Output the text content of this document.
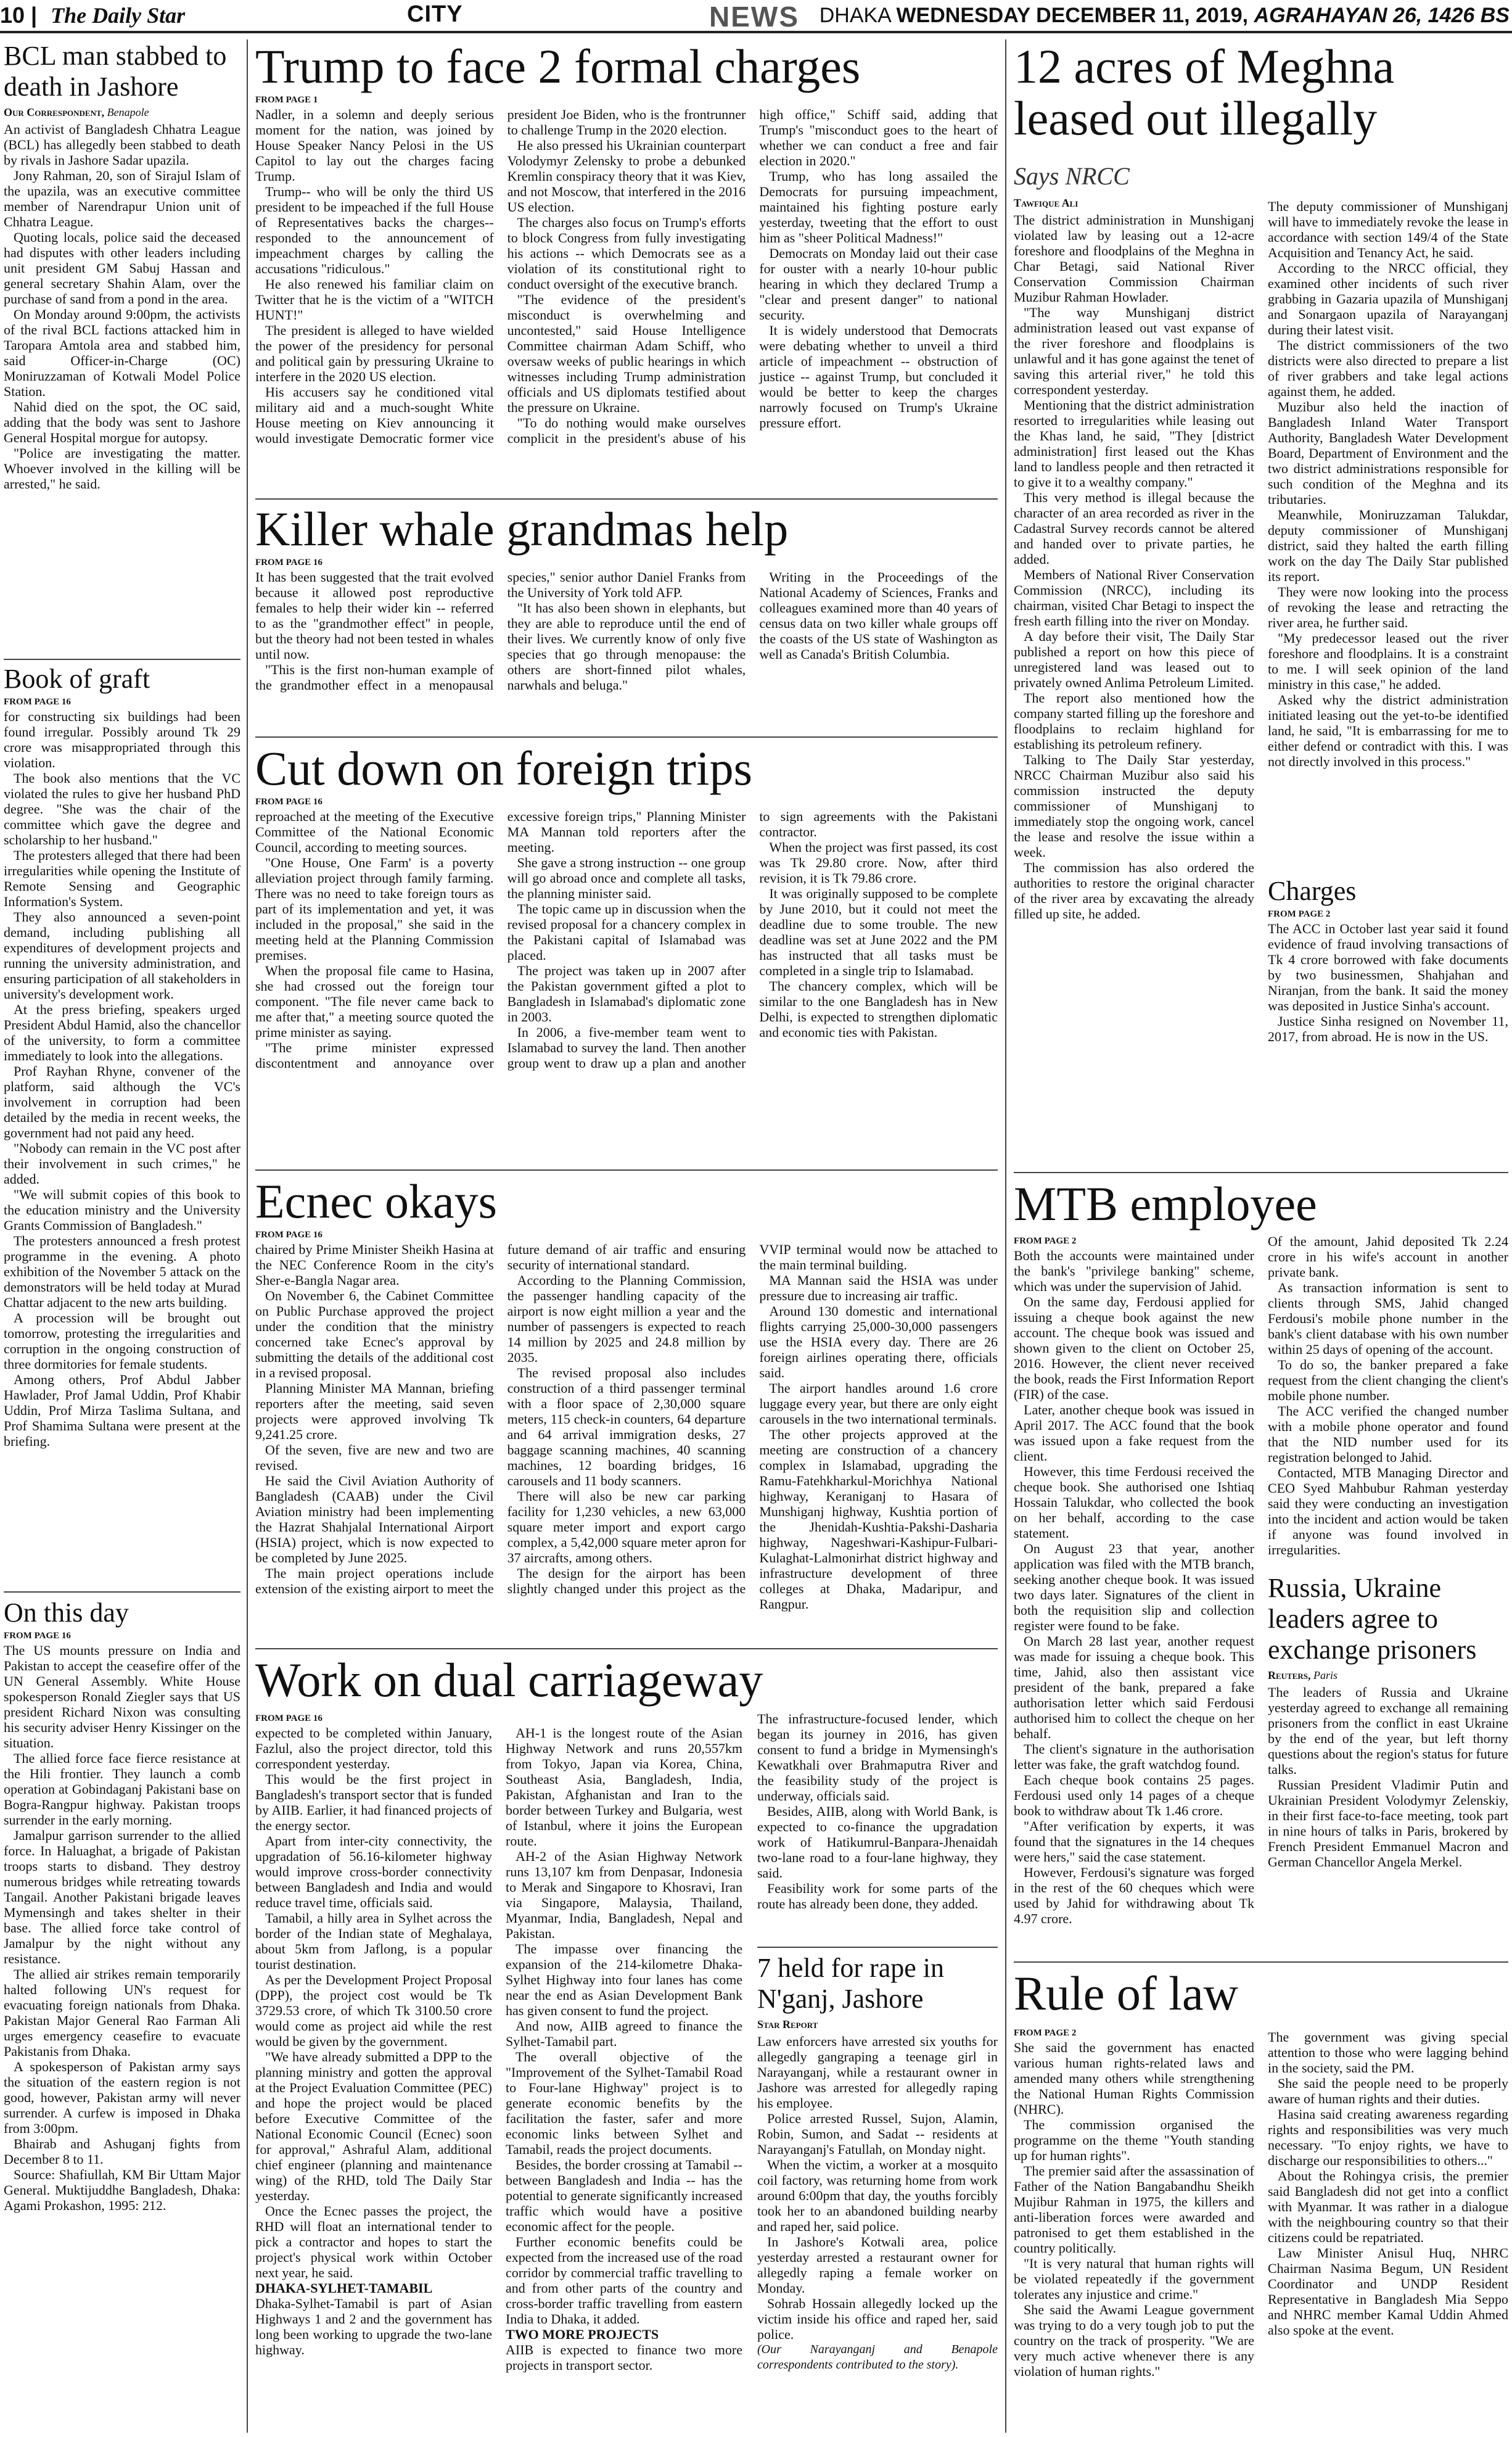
10 | The Daily Star	CITY	NEWS DHAKA WEDNESDAY DECEMBER 11, 2019, AGRAHAYAN 26, 1426 BS
BCL man stabbed to death in Jashore
Our Correspondent, Benapole

An activist of Bangladesh Chhatra League (BCL) has allegedly been stabbed to death by rivals in Jashore Sadar upazila.

Jony Rahman, 20, son of Sirajul Islam of the upazila, was an executive committee member of Narendrapur Union unit of Chhatra League.

Quoting locals, police said the deceased had disputes with other leaders including unit president GM Sabuj Hassan and general secretary Shahin Alam, over the purchase of sand from a pond in the area.

On Monday around 9:00pm, the activists of the rival BCL factions attacked him in Taropara Amtola area and stabbed him, said Officer-in-Charge (OC) Moniruzzaman of Kotwali Model Police Station.

Nahid died on the spot, the OC said, adding that the body was sent to Jashore General Hospital morgue for autopsy.

"Police are investigating the matter. Whoever involved in the killing will be arrested," he said.

Book of graft
FROM PAGE 16

for constructing six buildings had been found irregular. Possibly around Tk 29 crore was misappropriated through this violation.

The book also mentions that the VC violated the rules to give her husband PhD degree. "She was the chair of the committee which gave the degree and scholarship to her husband."

The protesters alleged that there had been irregularities while opening the Institute of Remote Sensing and Geographic Information's System.

They also announced a seven-point demand, including publishing all expenditures of development projects and running the university administration, and ensuring participation of all stakeholders in university's development work.

At the press briefing, speakers urged President Abdul Hamid, also the chancellor of the university, to form a committee immediately to look into the allegations.

Prof Rayhan Rhyne, convener of the platform, said although the VC's involvement in corruption had been detailed by the media in recent weeks, the government had not paid any heed.

"Nobody can remain in the VC post after their involvement in such crimes," he added.

"We will submit copies of this book to the education ministry and the University Grants Commission of Bangladesh."

The protesters announced a fresh protest programme in the evening. A photo exhibition of the November 5 attack on the demonstrators will be held today at Murad Chattar adjacent to the new arts building.

A procession will be brought out tomorrow, protesting the irregularities and corruption in the ongoing construction of three dormitories for female students.

Among others, Prof Abdul Jabber Hawlader, Prof Jamal Uddin, Prof Khabir Uddin, Prof Mirza Taslima Sultana, and Prof Shamima Sultana were present at the briefing.

On this day
FROM PAGE 16

The US mounts pressure on India and Pakistan to accept the ceasefire offer of the UN General Assembly. White House spokesperson Ronald Ziegler says that US president Richard Nixon was consulting his security adviser Henry Kissinger on the situation.

The allied force face fierce resistance at the Hili frontier. They launch a comb operation at Gobindaganj Pakistani base on Bogra-Rangpur highway. Pakistan troops surrender in the early morning.

Jamalpur garrison surrender to the allied force. In Haluaghat, a brigade of Pakistan troops starts to disband. They destroy numerous bridges while retreating towards Tangail. Another Pakistani brigade leaves Mymensingh and takes shelter in their base. The allied force take control of Jamalpur by the night without any resistance.

The allied air strikes remain temporarily halted following UN's request for evacuating foreign nationals from Dhaka. Pakistan Major General Rao Farman Ali urges emergency ceasefire to evacuate Pakistanis from Dhaka.

A spokesperson of Pakistan army says the situation of the eastern region is not good, however, Pakistan army will never surrender. A curfew is imposed in Dhaka from 3:00pm.

Bhairab and Ashuganj fights from December 8 to 11.

Source: Shafiullah, KM Bir Uttam Major General. Muktijuddhe Bangladesh, Dhaka: Agami Prokashon, 1995: 212.

Trump to face 2 formal charges
FROM PAGE 1

Nadler, in a solemn and deeply serious moment for the nation, was joined by House Speaker Nancy Pelosi in the US Capitol to lay out the charges facing Trump.

Trump-- who will be only the third US president to be impeached if the full House of Representatives backs the charges--responded to the announcement of impeachment charges by calling the accusations "ridiculous."

He also renewed his familiar claim on Twitter that he is the victim of a "WITCH HUNT!"

The president is alleged to have wielded the power of the presidency for personal and political gain by pressuring Ukraine to interfere in the 2020 US election.

His accusers say he conditioned vital military aid and a much-sought White House meeting on Kiev announcing it would investigate Democratic former vice president Joe Biden, who is the frontrunner to challenge Trump in the 2020 election.

He also pressed his Ukrainian counterpart Volodymyr Zelensky to probe a debunked Kremlin conspiracy theory that it was Kiev, and not Moscow, that interfered in the 2016 US election.

The charges also focus on Trump's efforts to block Congress from fully investigating his actions -- which Democrats see as a violation of its constitutional right to conduct oversight of the executive branch.

"The evidence of the president's misconduct is overwhelming and uncontested," said House Intelligence Committee chairman Adam Schiff, who oversaw weeks of public hearings in which witnesses including Trump administration officials and US diplomats testified about the pressure on Ukraine.

"To do nothing would make ourselves complicit in the president's abuse of his high office," Schiff said, adding that Trump's "misconduct goes to the heart of whether we can conduct a free and fair election in 2020."

Trump, who has long assailed the Democrats for pursuing impeachment, maintained his fighting posture early yesterday, tweeting that the effort to oust him as "sheer Political Madness!"

Democrats on Monday laid out their case for ouster with a nearly 10-hour public hearing in which they declared Trump a "clear and present danger" to national security.

It is widely understood that Democrats were debating whether to unveil a third article of impeachment -- obstruction of justice -- against Trump, but concluded it would be better to keep the charges narrowly focused on Trump's Ukraine pressure effort.

Killer whale grandmas help
FROM PAGE 16

It has been suggested that the trait evolved because it allowed post reproductive females to help their wider kin -- referred to as the "grandmother effect" in people, but the theory had not been tested in whales until now.

"This is the first non-human example of the grandmother effect in a menopausal species," senior author Daniel Franks from the University of York told AFP.

"It has also been shown in elephants, but they are able to reproduce until the end of their lives. We currently know of only five species that go through menopause: the others are short-finned pilot whales, narwhals and beluga."

Writing in the Proceedings of the National Academy of Sciences, Franks and colleagues examined more than 40 years of census data on two killer whale groups off the coasts of the US state of Washington as well as Canada's British Columbia.

Cut down on foreign trips
FROM PAGE 16

reproached at the meeting of the Executive Committee of the National Economic Council, according to meeting sources.

"One House, One Farm' is a poverty alleviation project through family farming. There was no need to take foreign tours as part of its implementation and yet, it was included in the proposal," she said in the meeting held at the Planning Commission premises.

When the proposal file came to Hasina, she had crossed out the foreign tour component. "The file never came back to me after that," a meeting source quoted the prime minister as saying.

"The prime minister expressed discontentment and annoyance over excessive foreign trips," Planning Minister MA Mannan told reporters after the meeting.

She gave a strong instruction -- one group will go abroad once and complete all tasks, the planning minister said.

The topic came up in discussion when the revised proposal for a chancery complex in the Pakistani capital of Islamabad was placed.

The project was taken up in 2007 after the Pakistan government gifted a plot to Bangladesh in Islamabad's diplomatic zone in 2003.

In 2006, a five-member team went to Islamabad to survey the land. Then another group went to draw up a plan and another to sign agreements with the Pakistani contractor.

When the project was first passed, its cost was Tk 29.80 crore. Now, after third revision, it is Tk 79.86 crore.

It was originally supposed to be complete by June 2010, but it could not meet the deadline due to some trouble. The new deadline was set at June 2022 and the PM has instructed that all tasks must be completed in a single trip to Islamabad.

The chancery complex, which will be similar to the one Bangladesh has in New Delhi, is expected to strengthen diplomatic and economic ties with Pakistan.

Ecnec okays
FROM PAGE 16

chaired by Prime Minister Sheikh Hasina at the NEC Conference Room in the city's Sher-e-Bangla Nagar area.

On November 6, the Cabinet Committee on Public Purchase approved the project under the condition that the ministry concerned take Ecnec's approval by submitting the details of the additional cost in a revised proposal.

Planning Minister MA Mannan, briefing reporters after the meeting, said seven projects were approved involving Tk 9,241.25 crore.

Of the seven, five are new and two are revised.

He said the Civil Aviation Authority of Bangladesh (CAAB) under the Civil Aviation ministry had been implementing the Hazrat Shahjalal International Airport (HSIA) project, which is now expected to be completed by June 2025.

The main project operations include extension of the existing airport to meet the future demand of air traffic and ensuring security of international standard.

According to the Planning Commission, the passenger handling capacity of the airport is now eight million a year and the number of passengers is expected to reach 14 million by 2025 and 24.8 million by 2035.

The revised proposal also includes construction of a third passenger terminal with a floor space of 2,30,000 square meters, 115 check-in counters, 64 departure and 64 arrival immigration desks, 27 baggage scanning machines, 40 scanning machines, 12 boarding bridges, 16 carousels and 11 body scanners.

There will also be new car parking facility for 1,230 vehicles, a new 63,000 square meter import and export cargo complex, a 5,42,000 square meter apron for 37 aircrafts, among others.

The design for the airport has been slightly changed under this project as the VVIP terminal would now be attached to the main terminal building.

MA Mannan said the HSIA was under pressure due to increasing air traffic.

Around 130 domestic and international flights carrying 25,000-30,000 passengers use the HSIA every day. There are 26 foreign airlines operating there, officials said.

The airport handles around 1.6 crore luggage every year, but there are only eight carousels in the two international terminals.

The other projects approved at the meeting are construction of a chancery complex in Islamabad, upgrading the Ramu-Fatehkharkul-Morichhya National highway, Keraniganj to Hasara of Munshiganj highway, Kushtia portion of the Jhenidah-Kushtia-Pakshi-Dasharia highway, Nageshwari-Kashipur-Fulbari-Kulaghat-Lalmonirhat district highway and infrastructure development of three colleges at Dhaka, Madaripur, and Rangpur.

Work on dual carriageway
FROM PAGE 16

expected to be completed within January, Fazlul, also the project director, told this correspondent yesterday.

This would be the first project in Bangladesh's transport sector that is funded by AIIB. Earlier, it had financed projects of the energy sector.

Apart from inter-city connectivity, the upgradation of 56.16-kilometer highway would improve cross-border connectivity between Bangladesh and India and would reduce travel time, officials said.

Tamabil, a hilly area in Sylhet across the border of the Indian state of Meghalaya, about 5km from Jaflong, is a popular tourist destination.

As per the Development Project Proposal (DPP), the project cost would be Tk 3729.53 crore, of which Tk 3100.50 crore would come as project aid while the rest would be given by the government.

"We have already submitted a DPP to the planning ministry and gotten the approval at the Project Evaluation Committee (PEC) and hope the project would be placed before Executive Committee of the National Economic Council (Ecnec) soon for approval," Ashraful Alam, additional chief engineer (planning and maintenance wing) of the RHD, told The Daily Star yesterday.

Once the Ecnec passes the project, the RHD will float an international tender to pick a contractor and hopes to start the project's physical work within October next year, he said.

DHAKA-SYLHET-TAMABIL

Dhaka-Sylhet-Tamabil is part of Asian Highways 1 and 2 and the government has long been working to upgrade the two-lane highway.

AH-1 is the longest route of the Asian Highway Network and runs 20,557km from Tokyo, Japan via Korea, China, Southeast Asia, Bangladesh, India, Pakistan, Afghanistan and Iran to the border between Turkey and Bulgaria, west of Istanbul, where it joins the European route.

AH-2 of the Asian Highway Network runs 13,107 km from Denpasar, Indonesia to Merak and Singapore to Khosravi, Iran via Singapore, Malaysia, Thailand, Myanmar, India, Bangladesh, Nepal and Pakistan.

The impasse over financing the expansion of the 214-kilometre Dhaka-Sylhet Highway into four lanes has come near the end as Asian Development Bank has given consent to fund the project.

And now, AIIB agreed to finance the Sylhet-Tamabil part.

The overall objective of the "Improvement of the Sylhet-Tamabil Road to Four-lane Highway" project is to generate economic benefits by the facilitation the faster, safer and more economic links between Sylhet and Tamabil, reads the project documents.

Besides, the border crossing at Tamabil -- between Bangladesh and India -- has the potential to generate significantly increased traffic which would have a positive economic affect for the people.

Further economic benefits could be expected from the increased use of the road corridor by commercial traffic travelling to and from other parts of the country and cross-border traffic travelling from eastern India to Dhaka, it added.

TWO MORE PROJECTS

AIIB is expected to finance two more projects in transport sector.

The infrastructure-focused lender, which began its journey in 2016, has given consent to fund a bridge in Mymensingh's Kewatkhali over Brahmaputra River and the feasibility study of the project is underway, officials said.

Besides, AIIB, along with World Bank, is expected to co-finance the upgradation work of Hatikumrul-Banpara-Jhenaidah two-lane road to a four-lane highway, they said.

Feasibility work for some parts of the route has already been done, they added.

7 held for rape in N'ganj, Jashore
Star Report

Law enforcers have arrested six youths for allegedly gangraping a teenage girl in Narayanganj, while a restaurant owner in Jashore was arrested for allegedly raping his employee.

Police arrested Russel, Sujon, Alamin, Robin, Sumon, and Sadat -- residents at Narayanganj's Fatullah, on Monday night.

When the victim, a worker at a mosquito coil factory, was returning home from work around 6:00pm that day, the youths forcibly took her to an abandoned building nearby and raped her, said police.

In Jashore's Kotwali area, police yesterday arrested a restaurant owner for allegedly raping a female worker on Monday.

Sohrab Hossain allegedly locked up the victim inside his office and raped her, said police.

(Our Narayanganj and Benapole correspondents contributed to the story).

12 acres of Meghna leased out illegally
Says NRCC
Tawfique Ali

The district administration in Munshiganj violated law by leasing out a 12-acre foreshore and floodplains of the Meghna in Char Betagi, said National River Conservation Commission Chairman Muzibur Rahman Howlader.

"The way Munshiganj district administration leased out vast expanse of the river foreshore and floodplains is unlawful and it has gone against the tenet of saving this arterial river," he told this correspondent yesterday.

Mentioning that the district administration resorted to irregularities while leasing out the Khas land, he said, "They [district administration] first leased out the Khas land to landless people and then retracted it to give it to a wealthy company."

This very method is illegal because the character of an area recorded as river in the Cadastral Survey records cannot be altered and handed over to private parties, he added.

Members of National River Conservation Commission (NRCC), including its chairman, visited Char Betagi to inspect the fresh earth filling into the river on Monday.

A day before their visit, The Daily Star published a report on how this piece of unregistered land was leased out to privately owned Anlima Petroleum Limited.

The report also mentioned how the company started filling up the foreshore and floodplains to reclaim highland for establishing its petroleum refinery.

Talking to The Daily Star yesterday, NRCC Chairman Muzibur also said his commission instructed the deputy commissioner of Munshiganj to immediately stop the ongoing work, cancel the lease and resolve the issue within a week.

The commission has also ordered the authorities to restore the original character of the river area by excavating the already filled up site, he added.

The deputy commissioner of Munshiganj will have to immediately revoke the lease in accordance with section 149/4 of the State Acquisition and Tenancy Act, he said.

According to the NRCC official, they examined other incidents of such river grabbing in Gazaria upazila of Munshiganj and Sonargaon upazila of Narayanganj during their latest visit.

The district commissioners of the two districts were also directed to prepare a list of river grabbers and take legal actions against them, he added.

Muzibur also held the inaction of Bangladesh Inland Water Transport Authority, Bangladesh Water Development Board, Department of Environment and the two district administrations responsible for such condition of the Meghna and its tributaries.

Meanwhile, Moniruzzaman Talukdar, deputy commissioner of Munshiganj district, said they halted the earth filling work on the day The Daily Star published its report.

They were now looking into the process of revoking the lease and retracting the river area, he further said.

"My predecessor leased out the river foreshore and floodplains. It is a constraint to me. I will seek opinion of the land ministry in this case," he added.

Asked why the district administration initiated leasing out the yet-to-be identified land, he said, "It is embarrassing for me to either defend or contradict with this. I was not directly involved in this process."

Charges
FROM PAGE 2

The ACC in October last year said it found evidence of fraud involving transactions of Tk 4 crore borrowed with fake documents by two businessmen, Shahjahan and Niranjan, from the bank. It said the money was deposited in Justice Sinha's account.

Justice Sinha resigned on November 11, 2017, from abroad. He is now in the US.

MTB employee
FROM PAGE 2

Both the accounts were maintained under the bank's "privilege banking" scheme, which was under the supervision of Jahid.

On the same day, Ferdousi applied for issuing a cheque book against the new account. The cheque book was issued and shown given to the client on October 25, 2016. However, the client never received the book, reads the First Information Report (FIR) of the case.

Later, another cheque book was issued in April 2017. The ACC found that the book was issued upon a fake request from the client.

However, this time Ferdousi received the cheque book. She authorised one Ishtiaq Hossain Talukdar, who collected the book on her behalf, according to the case statement.

On August 23 that year, another application was filed with the MTB branch, seeking another cheque book. It was issued two days later. Signatures of the client in both the requisition slip and collection register were found to be fake.

On March 28 last year, another request was made for issuing a cheque book. This time, Jahid, also then assistant vice president of the bank, prepared a fake authorisation letter which said Ferdousi authorised him to collect the cheque on her behalf.

The client's signature in the authorisation letter was fake, the graft watchdog found.

Each cheque book contains 25 pages. Ferdousi used only 14 pages of a cheque book to withdraw about Tk 1.46 crore.

"After verification by experts, it was found that the signatures in the 14 cheques were hers," said the case statement.

However, Ferdousi's signature was forged in the rest of the 60 cheques which were used by Jahid for withdrawing about Tk 4.97 crore.

Of the amount, Jahid deposited Tk 2.24 crore in his wife's account in another private bank.

As transaction information is sent to clients through SMS, Jahid changed Ferdousi's mobile phone number in the bank's client database with his own number within 25 days of opening of the account.

To do so, the banker prepared a fake request from the client changing the client's mobile phone number.

The ACC verified the changed number with a mobile phone operator and found that the NID number used for its registration belonged to Jahid.

Contacted, MTB Managing Director and CEO Syed Mahbubur Rahman yesterday said they were conducting an investigation into the incident and action would be taken if anyone was found involved in irregularities.

Russia, Ukraine leaders agree to exchange prisoners
Reuters, Paris

The leaders of Russia and Ukraine yesterday agreed to exchange all remaining prisoners from the conflict in east Ukraine by the end of the year, but left thorny questions about the region's status for future talks.

Russian President Vladimir Putin and Ukrainian President Volodymyr Zelenskiy, in their first face-to-face meeting, took part in nine hours of talks in Paris, brokered by French President Emmanuel Macron and German Chancellor Angela Merkel.

Rule of law
FROM PAGE 2

She said the government has enacted various human rights-related laws and amended many others while strengthening the National Human Rights Commission (NHRC).

The commission organised the programme on the theme "Youth standing up for human rights".

The premier said after the assassination of Father of the Nation Bangabandhu Sheikh Mujibur Rahman in 1975, the killers and anti-liberation forces were awarded and patronised to get them established in the country politically.

"It is very natural that human rights will be violated repeatedly if the government tolerates any injustice and crime."

She said the Awami League government was trying to do a very tough job to put the country on the track of prosperity. "We are very much active whenever there is any violation of human rights."

The government was giving special attention to those who were lagging behind in the society, said the PM.

She said the people need to be properly aware of human rights and their duties.

Hasina said creating awareness regarding rights and responsibilities was very much necessary. "To enjoy rights, we have to discharge our responsibilities to others..."

About the Rohingya crisis, the premier said Bangladesh did not get into a conflict with Myanmar. It was rather in a dialogue with the neighbouring country so that their citizens could be repatriated.

Law Minister Anisul Huq, NHRC Chairman Nasima Begum, UN Resident Coordinator and UNDP Resident Representative in Bangladesh Mia Seppo and NHRC member Kamal Uddin Ahmed also spoke at the event.
